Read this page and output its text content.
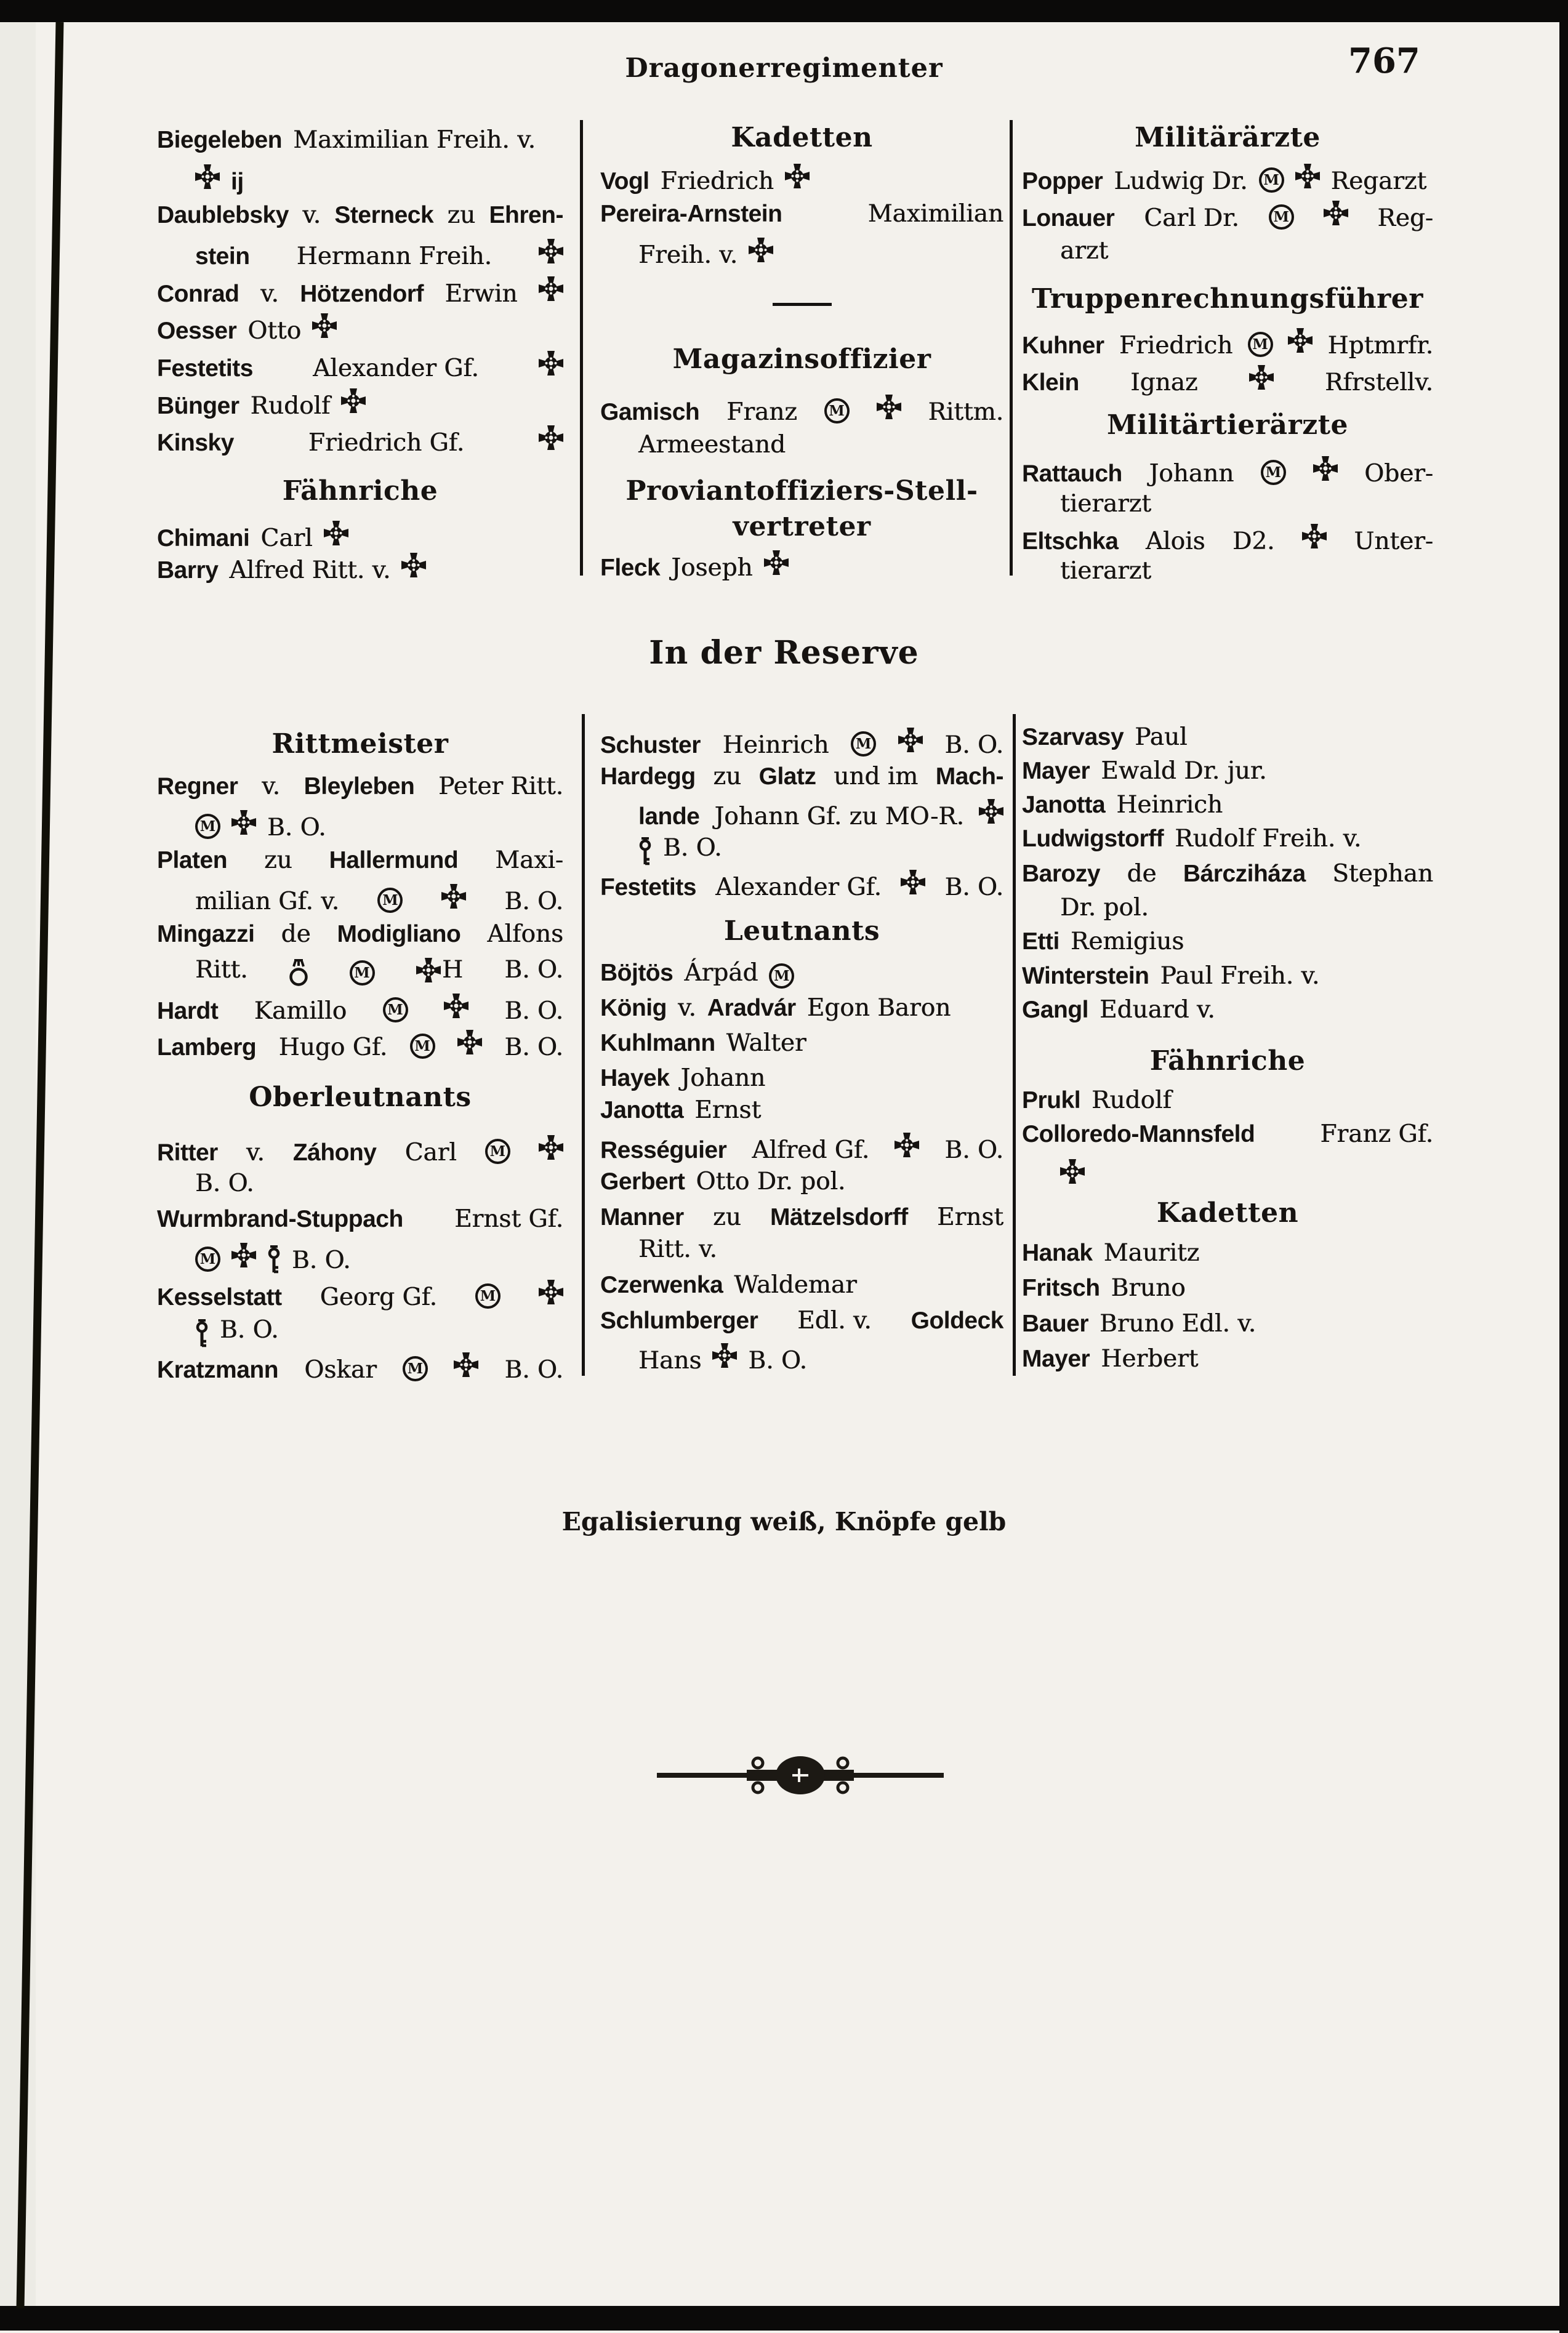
Dragonerregimenter	767
In der Reserve
Egalisierung weiß, Knöpfe gelb
Biegeleben Maximilian Freih. v.
ij
Daublebsky v. Sterneck zu Ehren-
stein Hermann Freih.
Conrad v. Hötzendorf Erwin
Oesser Otto
Festetits Alexander Gf.
Bünger Rudolf
Kinsky	Friedrich Gf.
Fähnriche
Chimani Carl
Barry Alfred Ritt. v.
Kadetten
Vogl Friedrich
Pereira-Arnstein	Maximilian
Freih. v.
Magazinsoffizier
Gamisch Franz	M	Rittm.
Armeestand
Proviantoffiziers-Stell-
vertreter
Fleck Joseph
Militärärzte
Popper Ludwig Dr.	M Regarzt
Lonauer Carl Dr.	M	Reg-
arzt
Truppenrechnungsführer
Kuhner Friedrich	M Hptmrfr.
Klein Ignaz	Rfrstellv.
Militärtierärzte
Rattauch Johann	M	Ober-
tierarzt
Eltschka Alois D2.	Unter-
tierarzt
Rittmeister
Regner v. Bleyleben Peter Ritt.
M B. O.
Platen zu Hallermund Maxi-
milian Gf. v.	M	B. O.
Mingazzi de Modigliano Alfons
Ritt.	M	H B. O.
Hardt Kamillo	M	B. O.
Lamberg Hugo Gf.	M	B. O.
Oberleutnants
Ritter v. Záhony Carl	M
B. O.
Wurmbrand-Stuppach Ernst Gf.
M	B. O.
Kesselstatt Georg Gf.	M
B. O.
Kratzmann Oskar	M	B. O.
Schuster Heinrich	M	B. O.
Hardegg zu Glatz und im Mach-
lande Johann Gf. zu MO-R.
B. O.
Festetits Alexander Gf.	B. O.
Leutnants
Böjtös Árpád	M
König v. Aradvár Egon Baron
Kuhlmann Walter
Hayek Johann
Janotta Ernst
Rességuier Alfred Gf.	B. O.
Gerbert Otto Dr. pol.
Manner zu Mätzelsdorff Ernst
Ritt. v.
Czerwenka Waldemar
Schlumberger Edl. v. Goldeck
Hans B. O.
Szarvasy Paul
Mayer Ewald Dr. jur.
Janotta Heinrich
Ludwigstorff Rudolf Freih. v.
Barozy de Bárcziháza Stephan
Dr. pol.
Etti Remigius
Winterstein Paul Freih. v.
Gangl Eduard v.
Fähnriche
Prukl Rudolf
Colloredo-Mannsfeld	Franz Gf.
Kadetten
Hanak Mauritz
Fritsch Bruno
Bauer Bruno Edl. v.
Mayer Herbert
